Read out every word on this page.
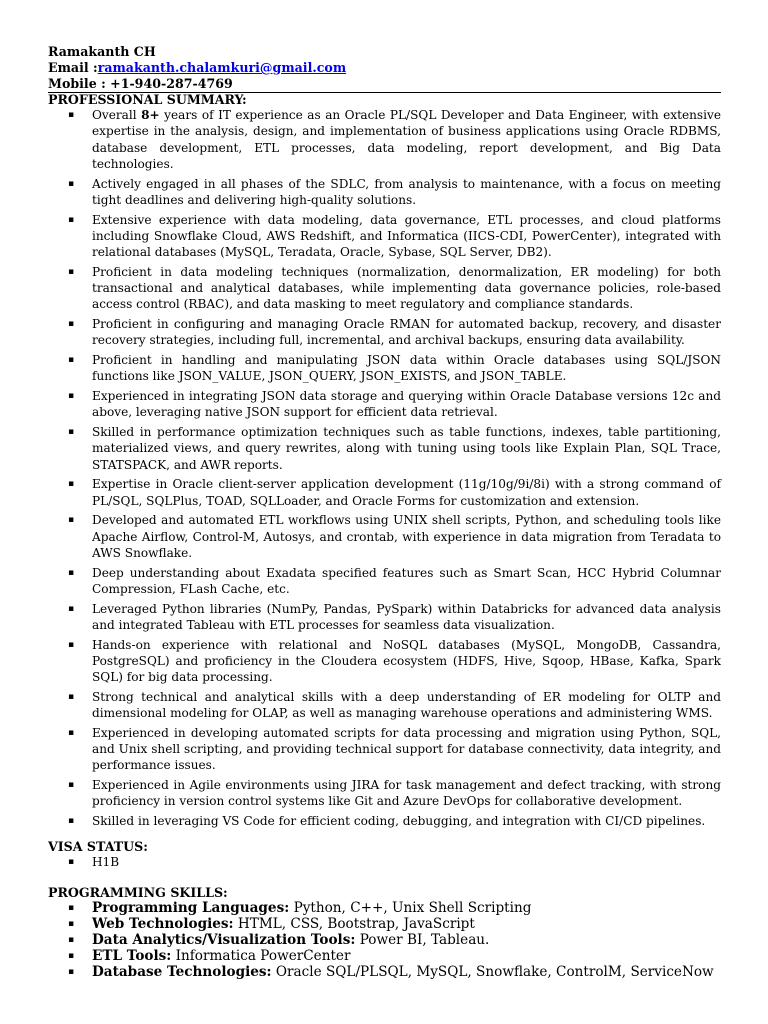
Ramakanth CH
Email :ramakanth.chalamkuri@gmail.com
Mobile : +1-940-287-4769
PROFESSIONAL SUMMARY:
▪ Overall 8+ years of IT experience as an Oracle PL/SQL Developer and Data Engineer, with extensive expertise in the analysis, design, and implementation of business applications using Oracle RDBMS, database development, ETL processes, data modeling, report development, and Big Data technologies.
▪ Actively engaged in all phases of the SDLC, from analysis to maintenance, with a focus on meeting tight deadlines and delivering high-quality solutions.
▪ Extensive experience with data modeling, data governance, ETL processes, and cloud platforms including Snowflake Cloud, AWS Redshift, and Informatica (IICS-CDI, PowerCenter), integrated with relational databases (MySQL, Teradata, Oracle, Sybase, SQL Server, DB2).
▪ Proficient in data modeling techniques (normalization, denormalization, ER modeling) for both transactional and analytical databases, while implementing data governance policies, role-based access control (RBAC), and data masking to meet regulatory and compliance standards.
▪ Proficient in configuring and managing Oracle RMAN for automated backup, recovery, and disaster recovery strategies, including full, incremental, and archival backups, ensuring data availability.
▪ Proficient in handling and manipulating JSON data within Oracle databases using SQL/JSON functions like JSON_VALUE, JSON_QUERY, JSON_EXISTS, and JSON_TABLE.
▪ Experienced in integrating JSON data storage and querying within Oracle Database versions 12c and above, leveraging native JSON support for efficient data retrieval.
▪ Skilled in performance optimization techniques such as table functions, indexes, table partitioning, materialized views, and query rewrites, along with tuning using tools like Explain Plan, SQL Trace, STATSPACK, and AWR reports.
▪ Expertise in Oracle client-server application development (11g/10g/9i/8i) with a strong command of PL/SQL, SQLPlus, TOAD, SQLLoader, and Oracle Forms for customization and extension.
▪ Developed and automated ETL workflows using UNIX shell scripts, Python, and scheduling tools like Apache Airflow, Control-M, Autosys, and crontab, with experience in data migration from Teradata to AWS Snowflake.
▪ Deep understanding about Exadata specified features such as Smart Scan, HCC Hybrid Columnar Compression, FLash Cache, etc.
▪ Leveraged Python libraries (NumPy, Pandas, PySpark) within Databricks for advanced data analysis and integrated Tableau with ETL processes for seamless data visualization.
▪ Hands-on experience with relational and NoSQL databases (MySQL, MongoDB, Cassandra, PostgreSQL) and proficiency in the Cloudera ecosystem (HDFS, Hive, Sqoop, HBase, Kafka, Spark SQL) for big data processing.
▪ Strong technical and analytical skills with a deep understanding of ER modeling for OLTP and dimensional modeling for OLAP, as well as managing warehouse operations and administering WMS.
▪ Experienced in developing automated scripts for data processing and migration using Python, SQL, and Unix shell scripting, and providing technical support for database connectivity, data integrity, and performance issues.
▪ Experienced in Agile environments using JIRA for task management and defect tracking, with strong proficiency in version control systems like Git and Azure DevOps for collaborative development.
▪ Skilled in leveraging VS Code for efficient coding, debugging, and integration with CI/CD pipelines.
VISA STATUS:
▪ H1B
PROGRAMMING SKILLS:
▪ Programming Languages: Python, C++, Unix Shell Scripting
▪ Web Technologies: HTML, CSS, Bootstrap, JavaScript
▪ Data Analytics/Visualization Tools: Power BI, Tableau.
▪ ETL Tools: Informatica PowerCenter
▪ Database Technologies: Oracle SQL/PLSQL, MySQL, Snowflake, ControlM, ServiceNow
